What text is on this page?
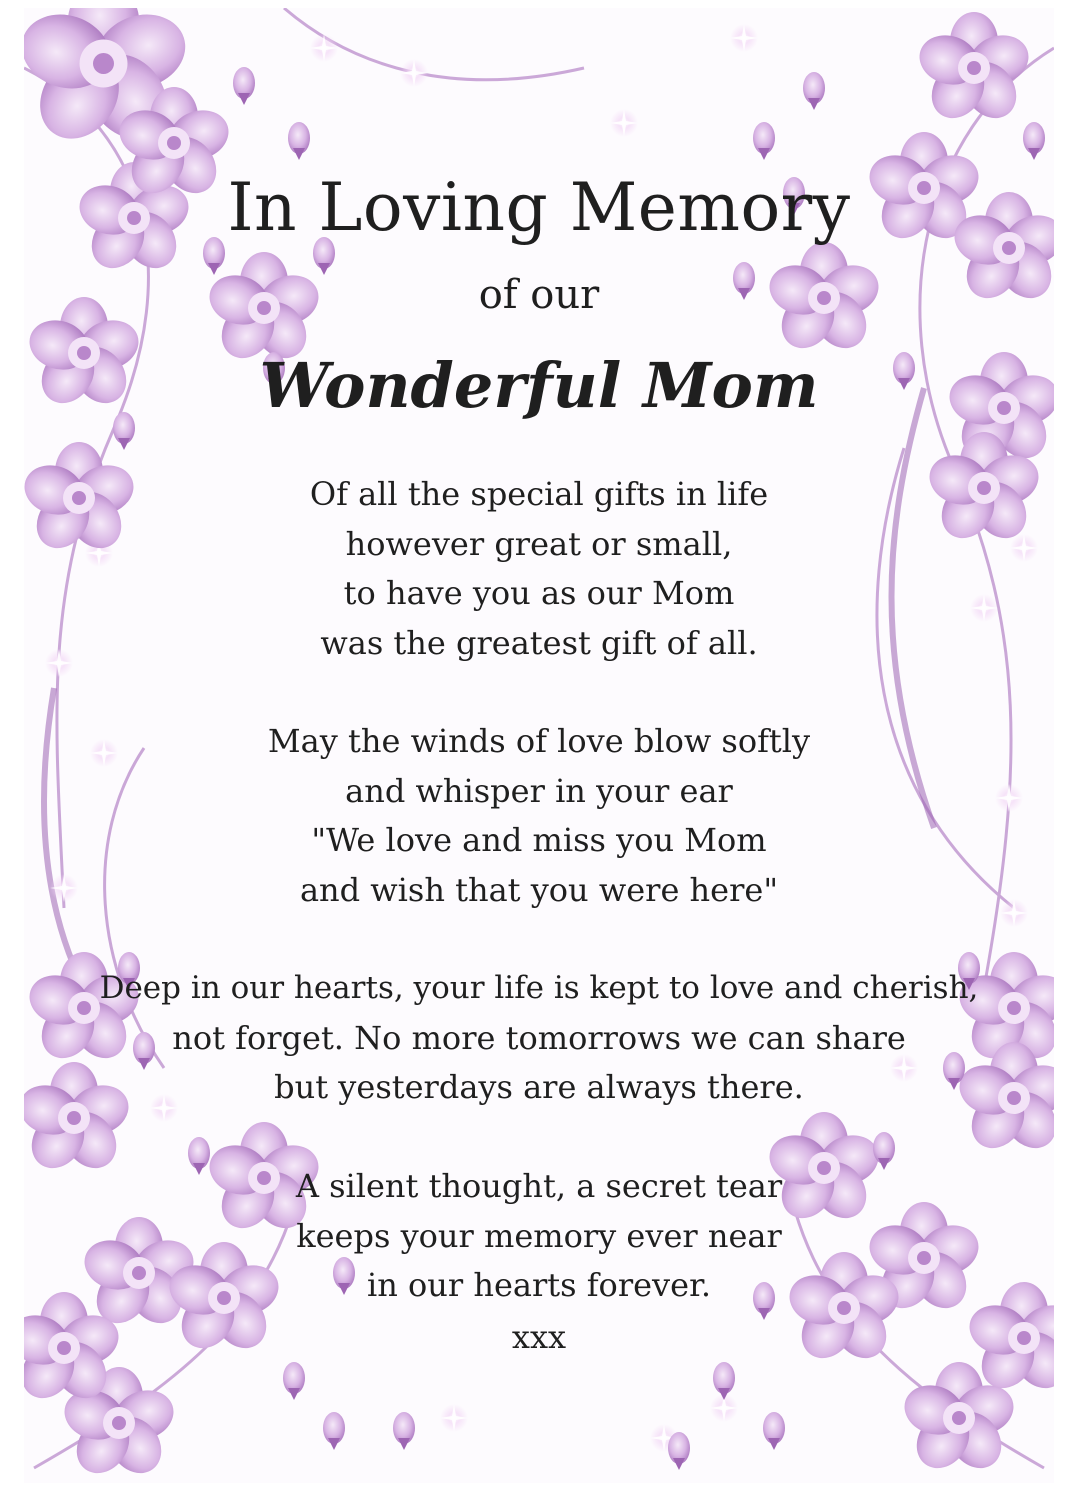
In Loving Memory
of our
Wonderful Mom
Of all the special gifts in life
however great or small,
to have you as our Mom
was the greatest gift of all.
May the winds of love blow softly
and whisper in your ear
"We love and miss you Mom
and wish that you were here"
Deep in our hearts, your life is kept to love and cherish,
not forget. No more tomorrows we can share
but yesterdays are always there.
A silent thought, a secret tear
keeps your memory ever near
in our hearts forever.
xxx
